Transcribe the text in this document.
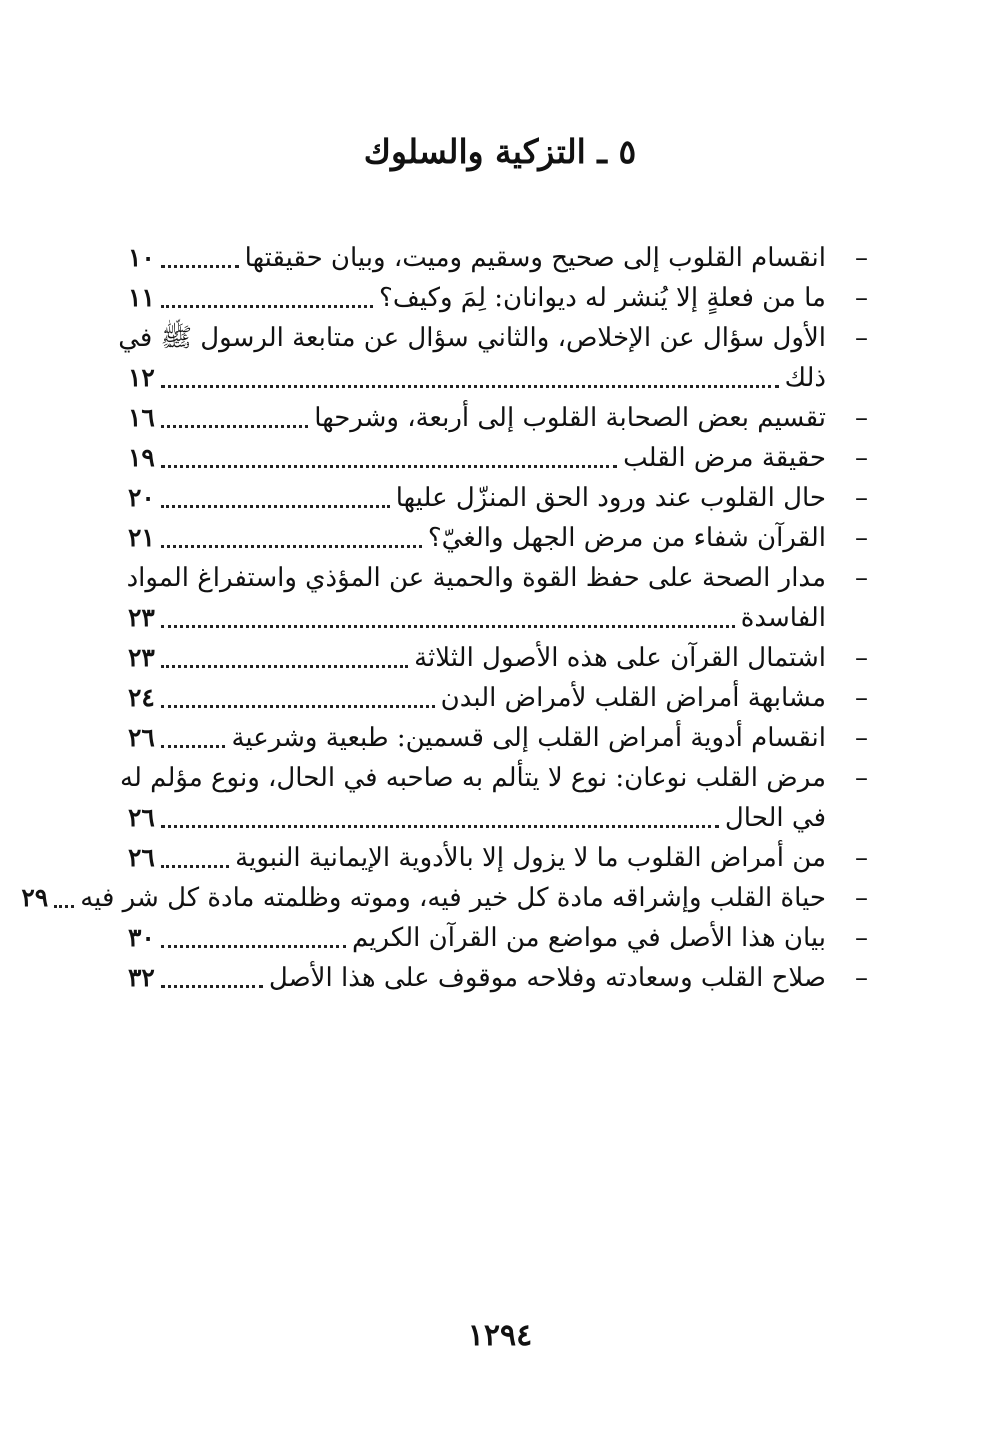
٥ ـ التزكية والسلوك
–
انقسام القلوب إلى صحيح وسقيم وميت، وبيان حقيقتها
١٠
–
ما من فعلةٍ إلا يُنشر له ديوانان: لِمَ وكيف؟
١١
–
الأول سؤال عن الإخلاص، والثاني سؤال عن متابعة الرسول ﷺ في
ذلك
١٢
–
تقسيم بعض الصحابة القلوب إلى أربعة، وشرحها
١٦
–
حقيقة مرض القلب
١٩
–
حال القلوب عند ورود الحق المنزّل عليها
٢٠
–
القرآن شفاء من مرض الجهل والغيّ؟
٢١
–
مدار الصحة على حفظ القوة والحمية عن المؤذي واستفراغ المواد
الفاسدة
٢٣
–
اشتمال القرآن على هذه الأصول الثلاثة
٢٣
–
مشابهة أمراض القلب لأمراض البدن
٢٤
–
انقسام أدوية أمراض القلب إلى قسمين: طبعية وشرعية
٢٦
–
مرض القلب نوعان: نوع لا يتألم به صاحبه في الحال، ونوع مؤلم له
في الحال
٢٦
–
من أمراض القلوب ما لا يزول إلا بالأدوية الإيمانية النبوية
٢٦
–
حياة القلب وإشراقه مادة كل خير فيه، وموته وظلمته مادة كل شر فيه
٢٩
–
بيان هذا الأصل في مواضع من القرآن الكريم
٣٠
–
صلاح القلب وسعادته وفلاحه موقوف على هذا الأصل
٣٢
١٢٩٤
